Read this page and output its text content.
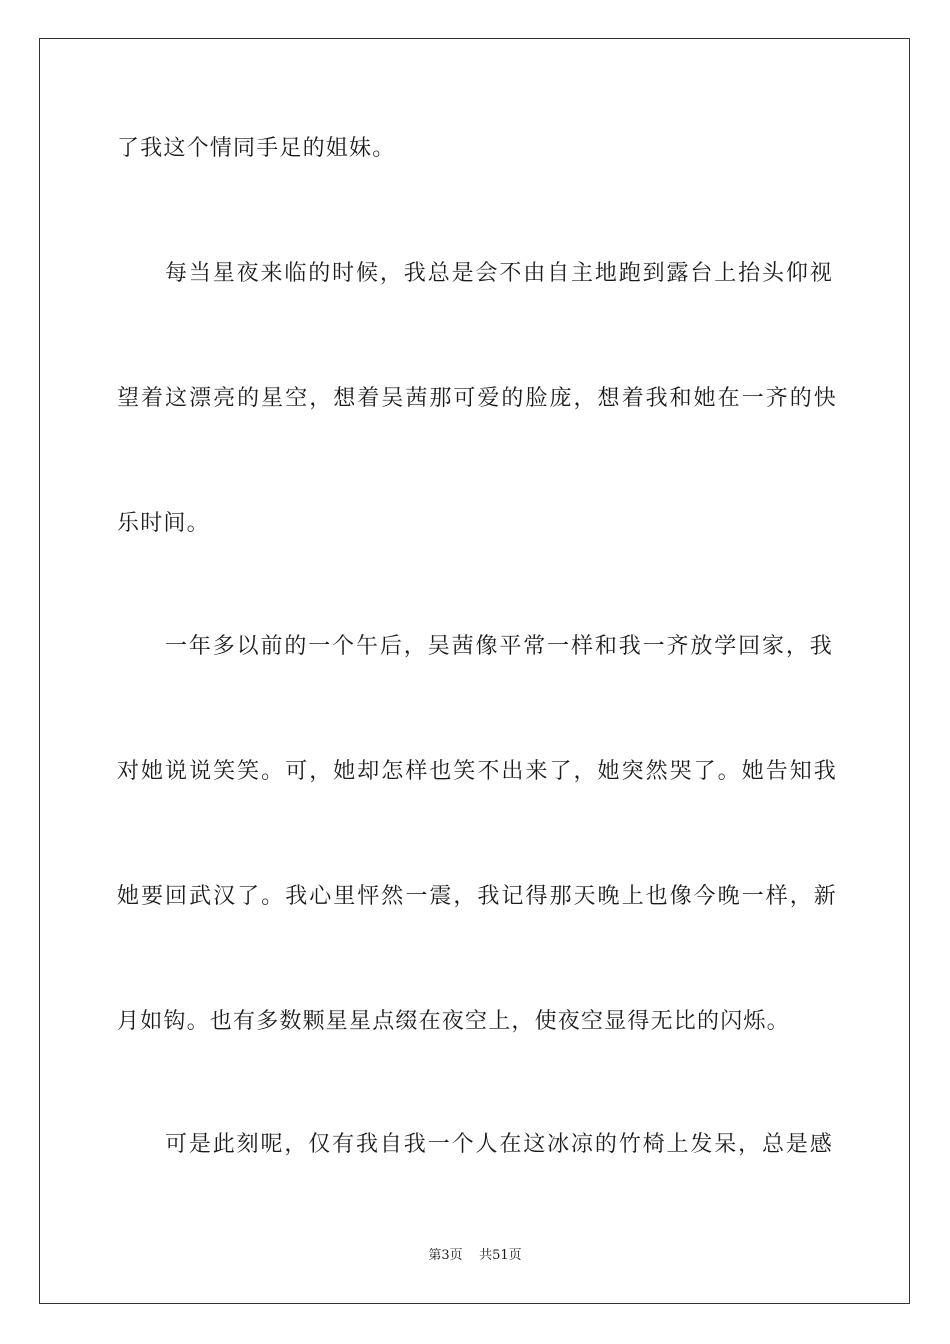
了我这个情同手足的姐妹。
每当星夜来临的时候，我总是会不由自主地跑到露台上抬头仰视
望着这漂亮的星空，想着吴茜那可爱的脸庞，想着我和她在一齐的快
乐时间。
一年多以前的一个午后，吴茜像平常一样和我一齐放学回家，我
对她说说笑笑。可，她却怎样也笑不出来了，她突然哭了。她告知我
她要回武汉了。我心里怦然一震，我记得那天晚上也像今晚一样，新
月如钩。也有多数颗星星点缀在夜空上，使夜空显得无比的闪烁。
可是此刻呢，仅有我自我一个人在这冰凉的竹椅上发呆，总是感
第3页 共51页
